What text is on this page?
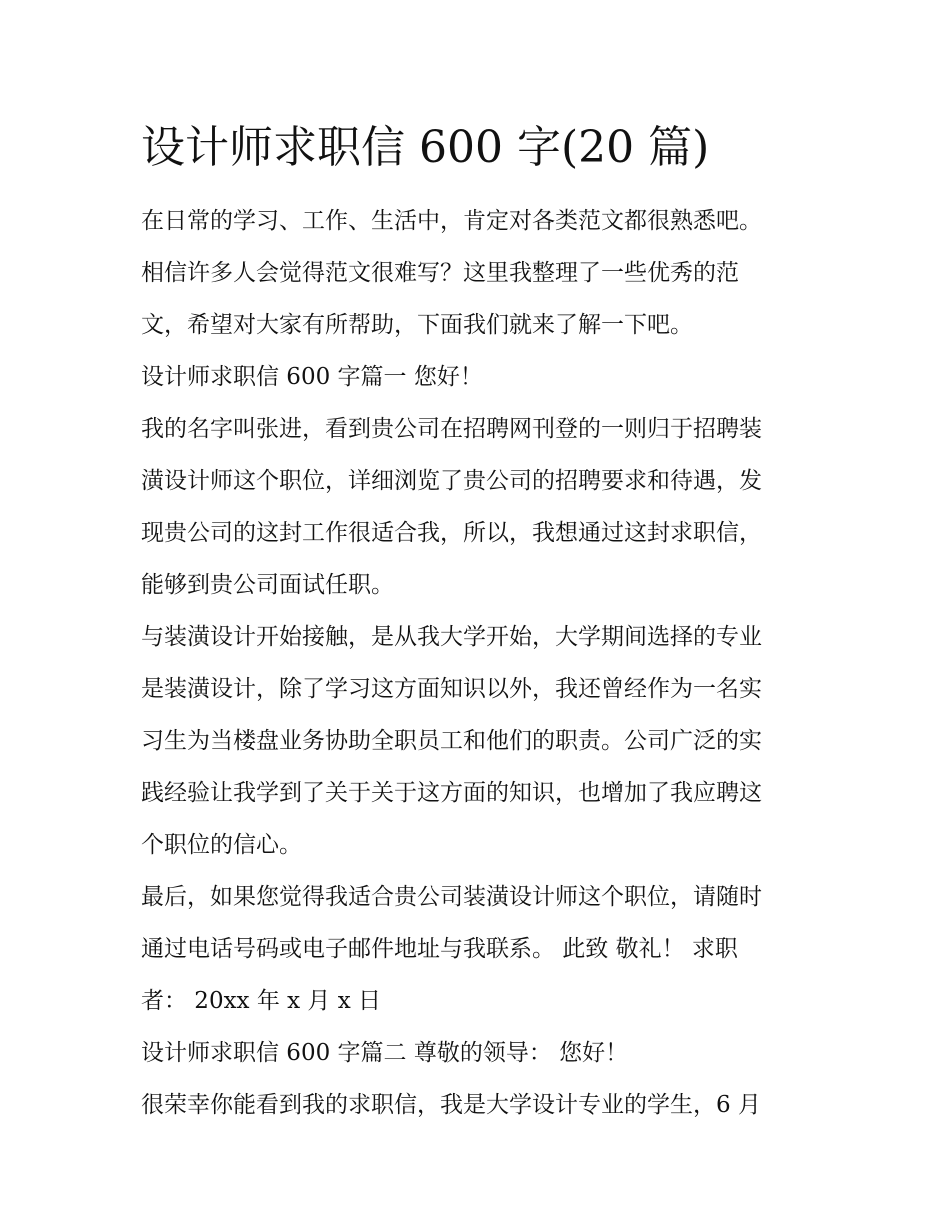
设计师求职信 600 字(20 篇)

在日常的学习、工作、生活中，肯定对各类范文都很熟悉吧。

相信许多人会觉得范文很难写？这里我整理了一些优秀的范

文，希望对大家有所帮助，下面我们就来了解一下吧。

设计师求职信 600 字篇一 您好！

我的名字叫张进，看到贵公司在招聘网刊登的一则归于招聘装

潢设计师这个职位，详细浏览了贵公司的招聘要求和待遇，发

现贵公司的这封工作很适合我，所以，我想通过这封求职信，

能够到贵公司面试任职。

与装潢设计开始接触，是从我大学开始，大学期间选择的专业

是装潢设计，除了学习这方面知识以外，我还曾经作为一名实

习生为当楼盘业务协助全职员工和他们的职责。公司广泛的实

践经验让我学到了关于关于这方面的知识，也增加了我应聘这

个职位的信心。

最后，如果您觉得我适合贵公司装潢设计师这个职位，请随时

通过电话号码或电子邮件地址与我联系。 此致 敬礼！ 求职

者： 20xx 年 x 月 x 日

设计师求职信 600 字篇二 尊敬的领导： 您好！

很荣幸你能看到我的求职信，我是大学设计专业的学生，6 月
